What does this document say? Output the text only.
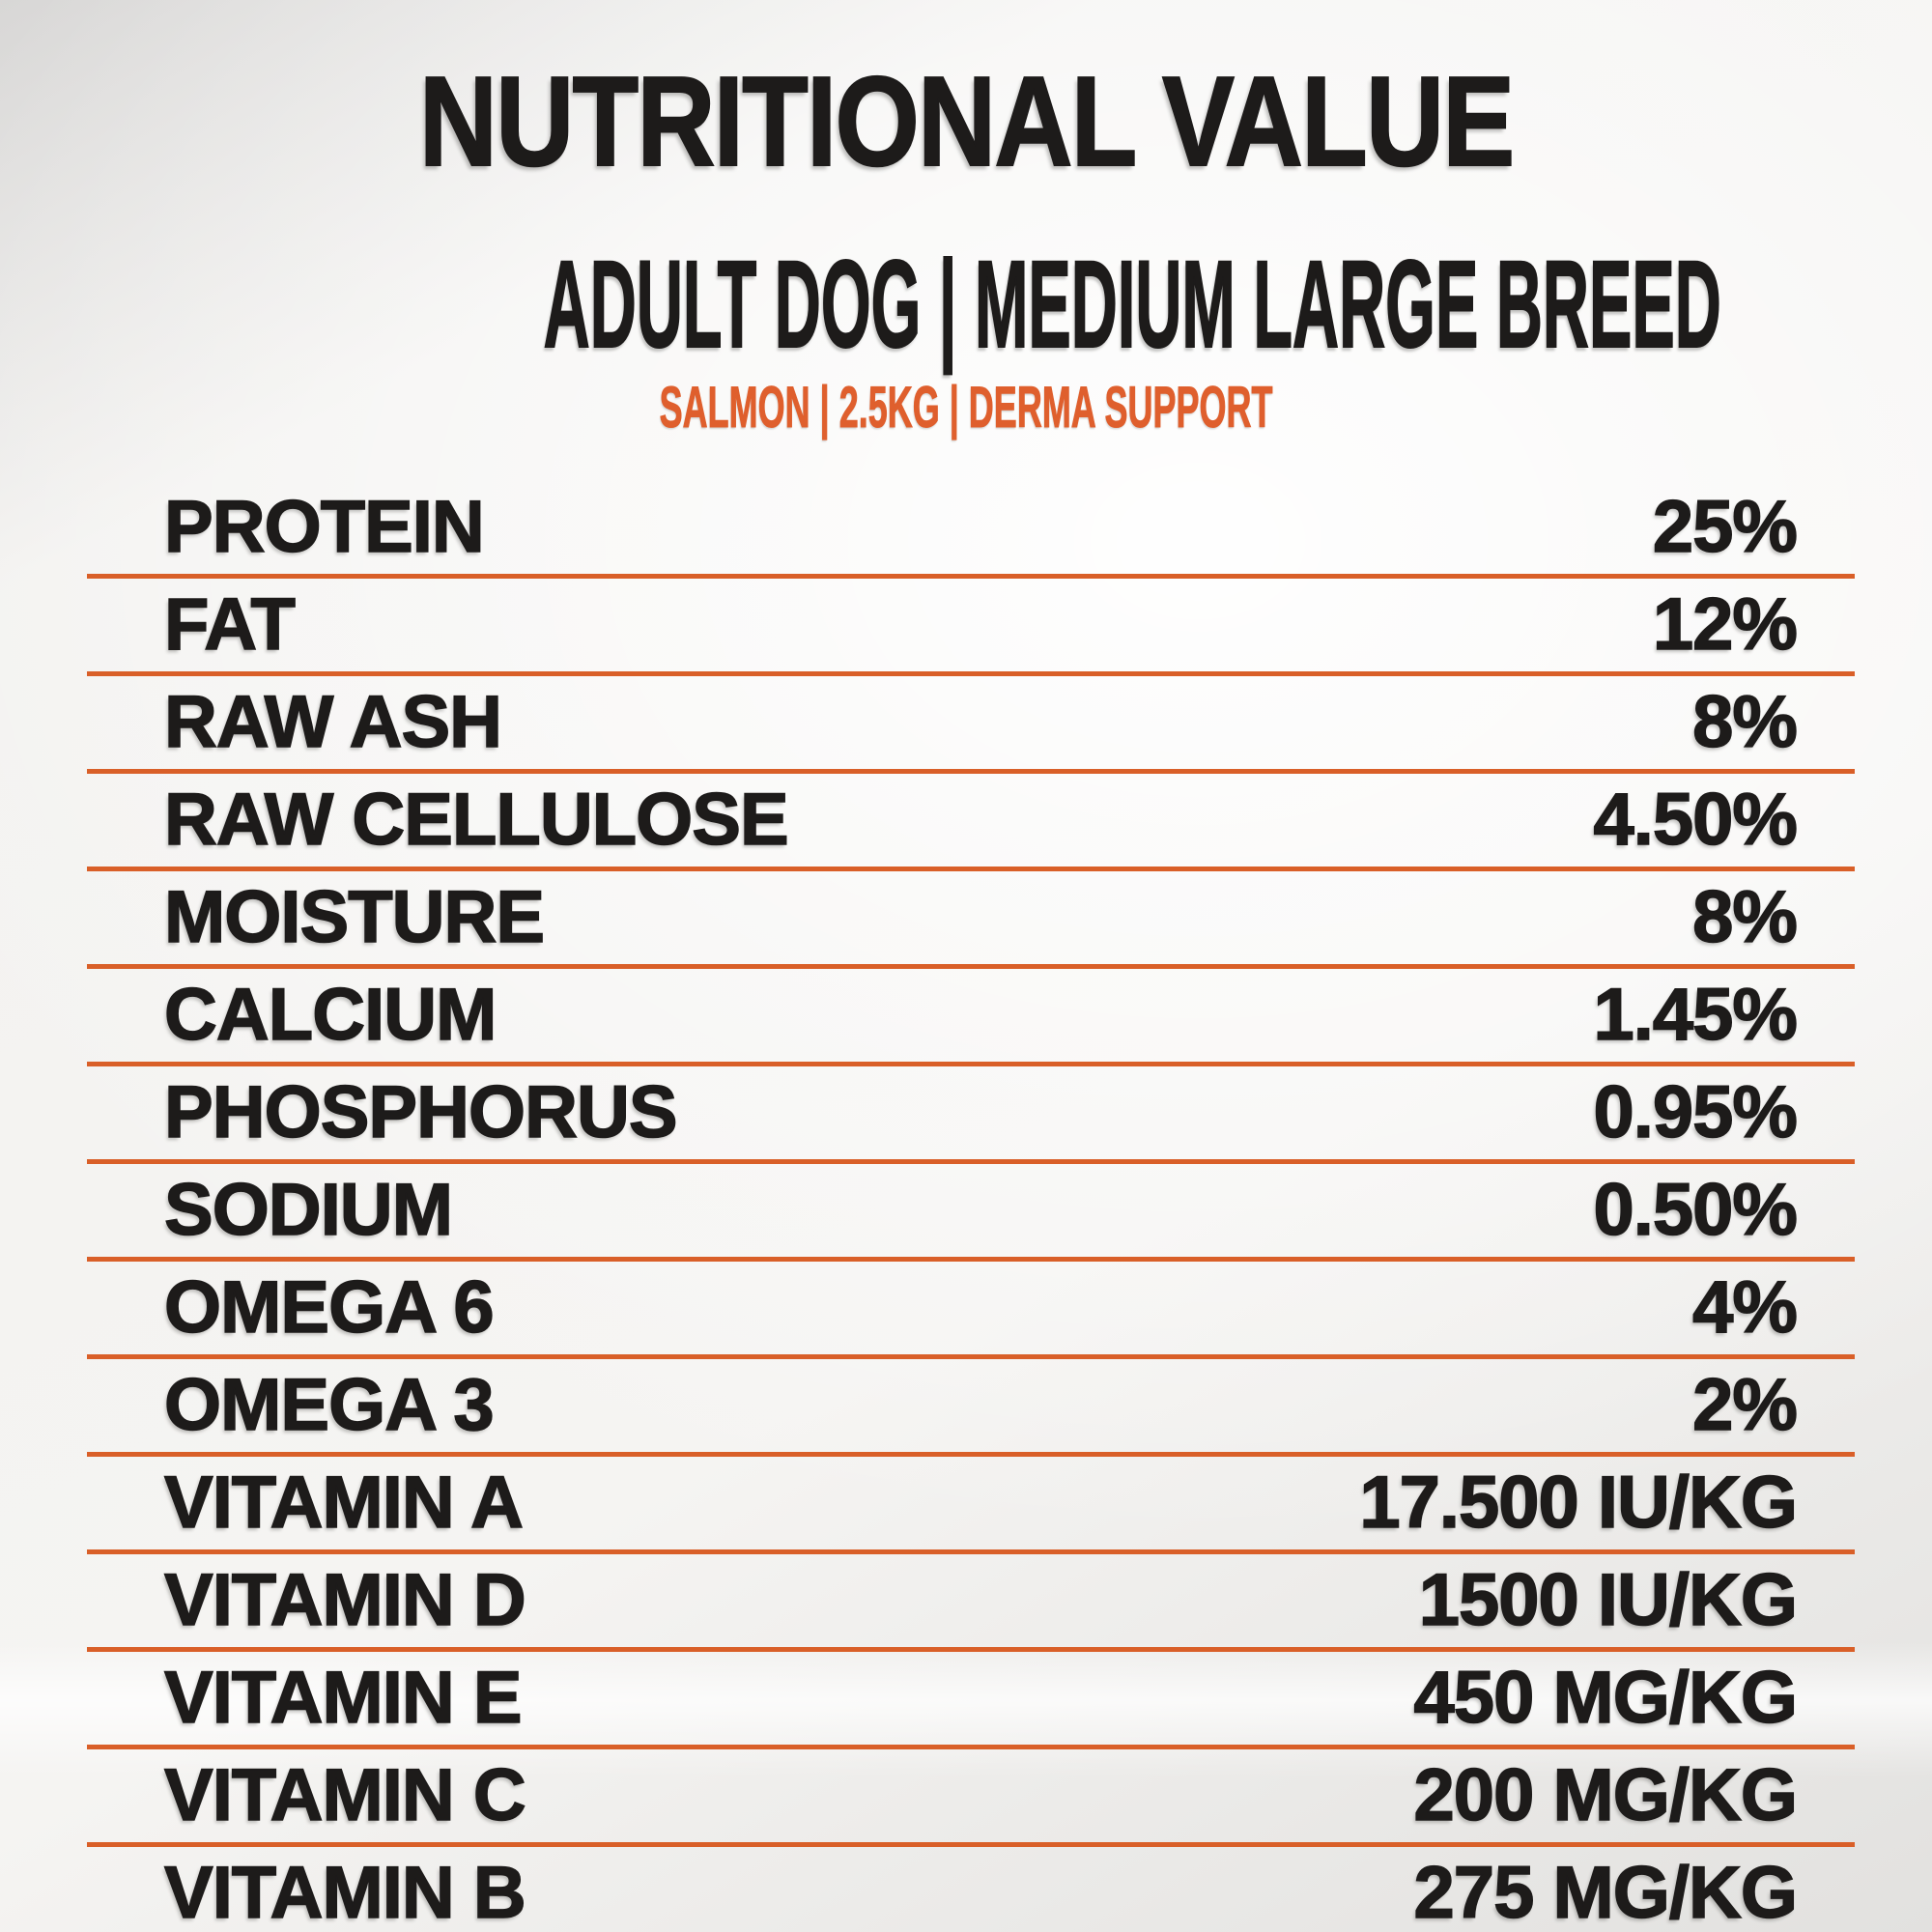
NUTRITIONAL VALUE
ADULT DOG | MEDIUM LARGE BREED
SALMON | 2.5KG | DERMA SUPPORT
PROTEIN	25%
FAT	12%
RAW ASH	8%
RAW CELLULOSE	4.50%
MOISTURE	8%
CALCIUM	1.45%
PHOSPHORUS	0.95%
SODIUM	0.50%
OMEGA 6	4%
OMEGA 3	2%
VITAMIN A	17.500 IU/KG
VITAMIN D	1500 IU/KG
VITAMIN E	450 MG/KG
VITAMIN C	200 MG/KG
VITAMIN B	275 MG/KG
